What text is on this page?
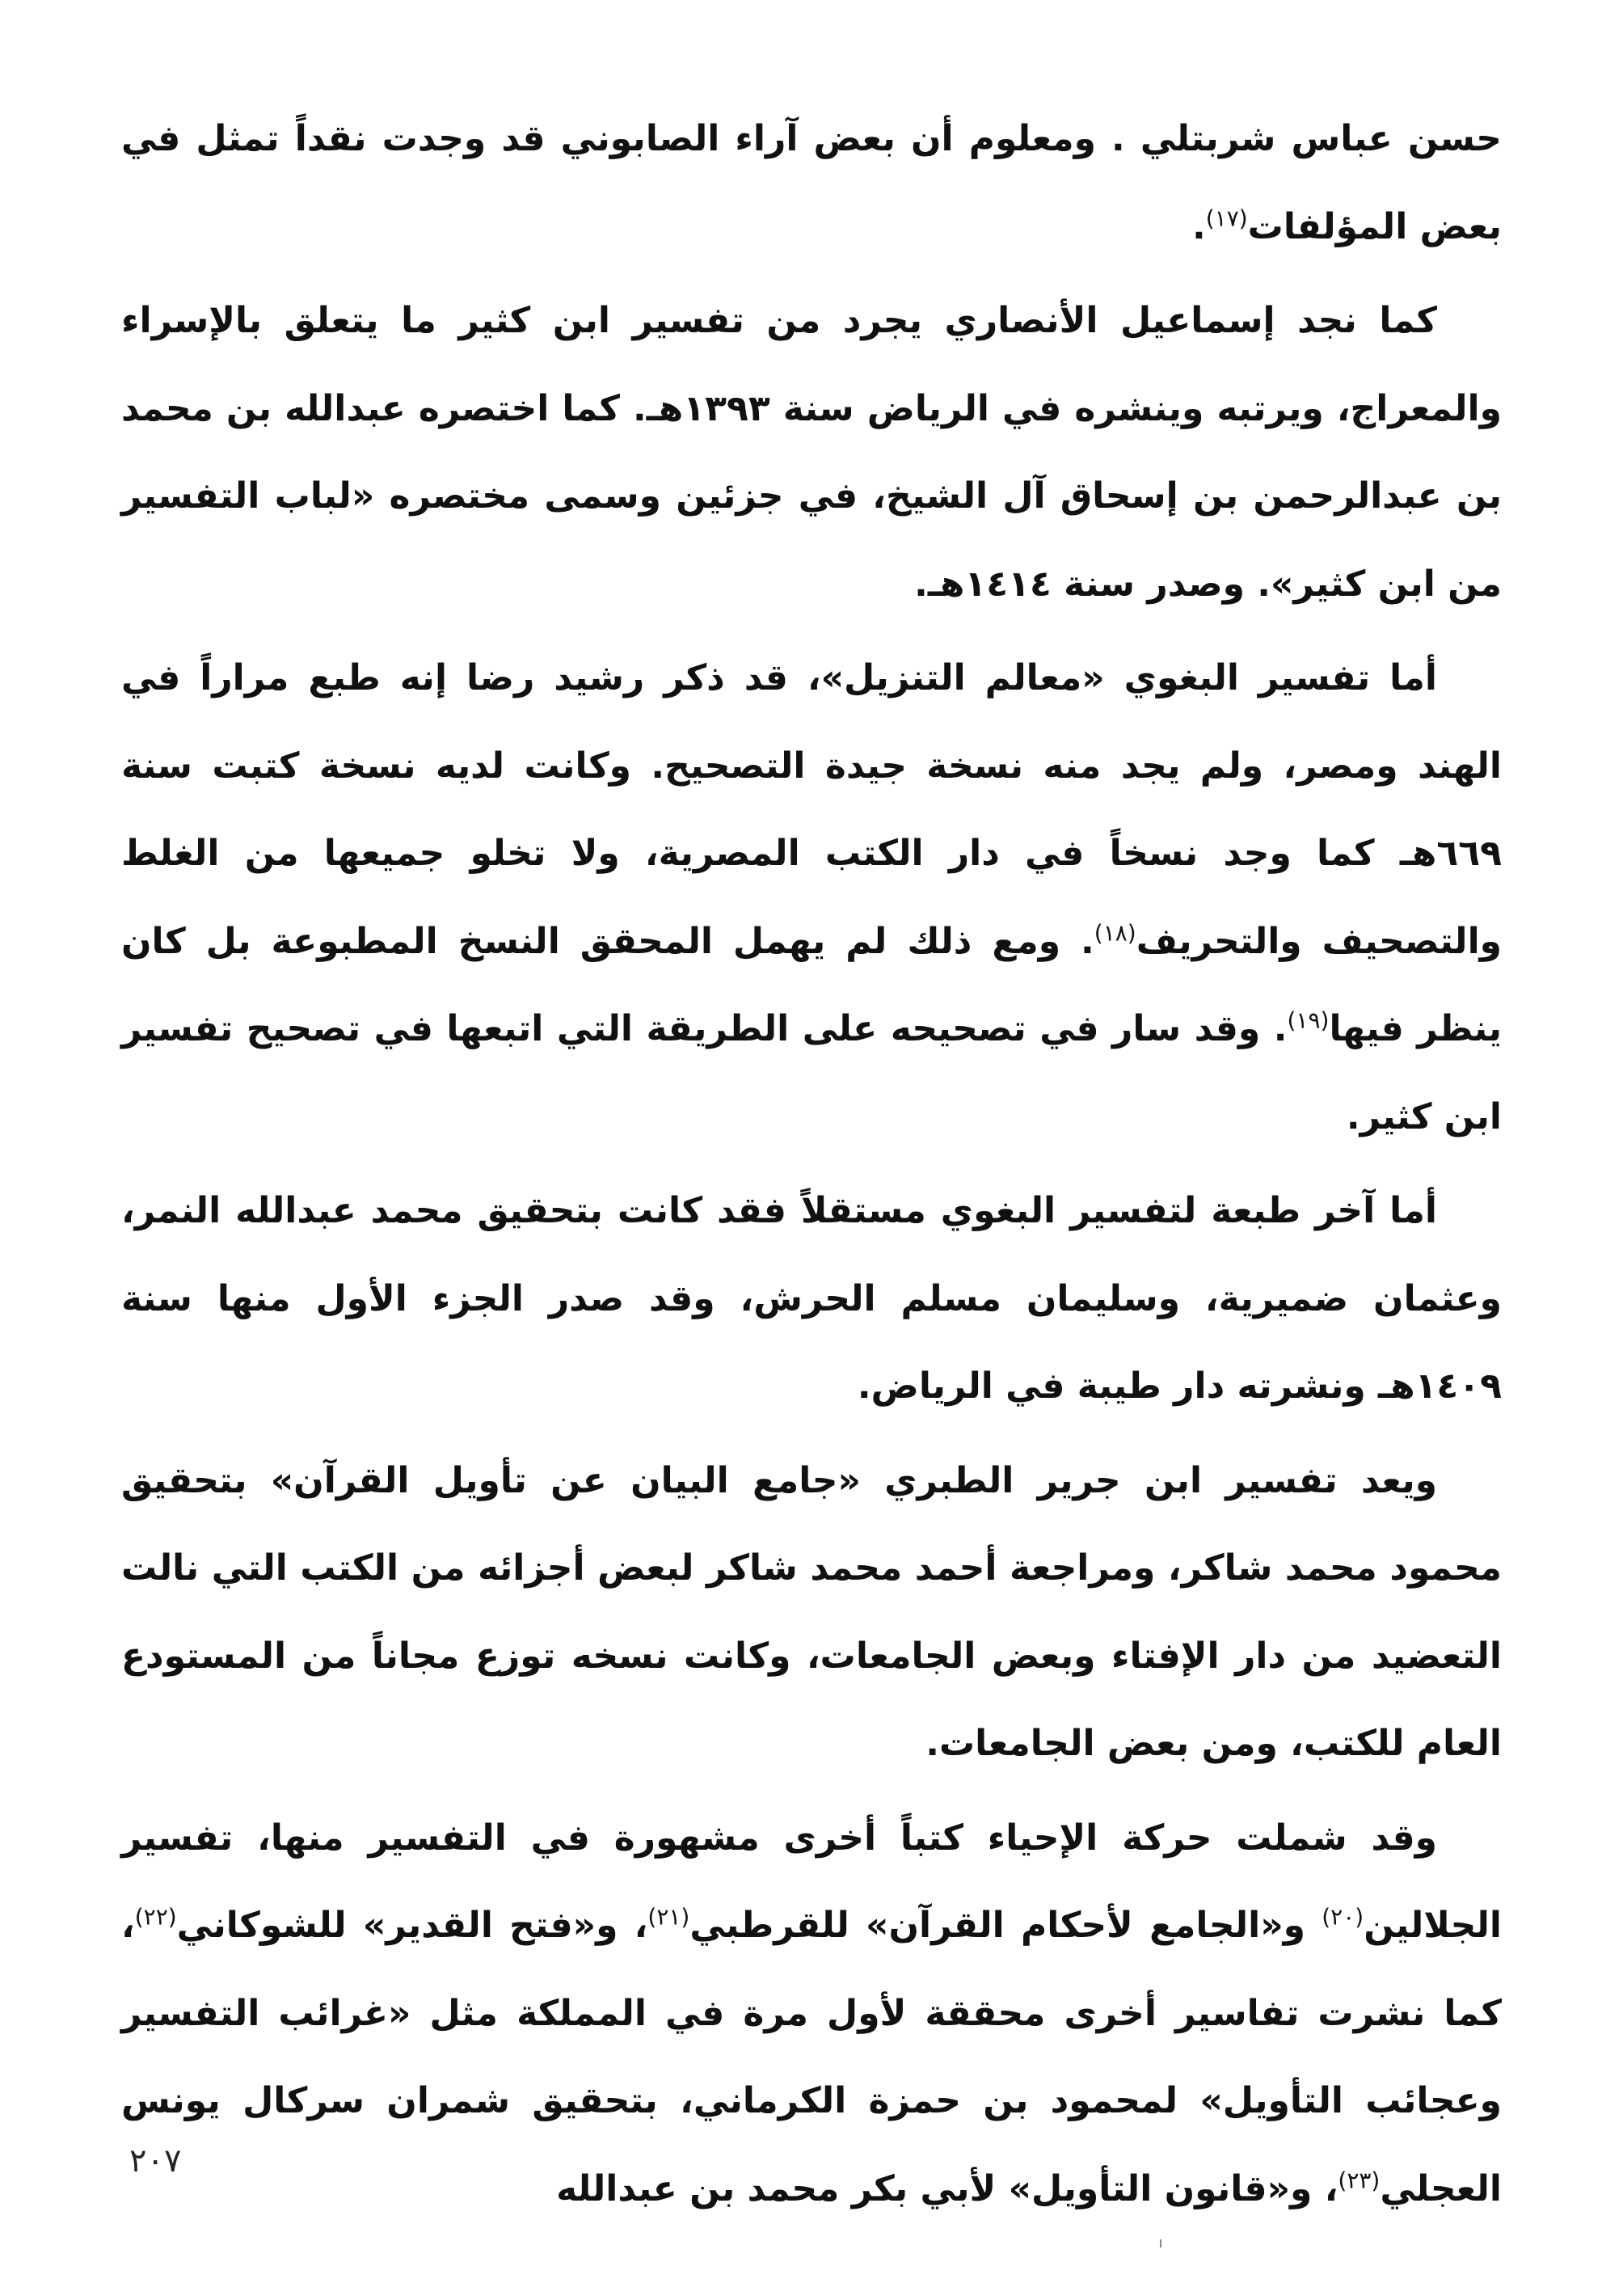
حسن عباس شربتلي . ومعلوم أن بعض آراء الصابوني قد وجدت نقداً تمثل في بعض المؤلفات$^{(١٧)}$.

كما نجد إسماعيل الأنصاري يجرد من تفسير ابن كثير ما يتعلق بالإسراء والمعراج، ويرتبه وينشره في الرياض سنة ١٣٩٣هـ. كما اختصره عبدالله بن محمد بن عبدالرحمن بن إسحاق آل الشيخ، في جزئين وسمى مختصره «لباب التفسير من ابن كثير». وصدر سنة ١٤١٤هـ.

أما تفسير البغوي «معالم التنزيل»، قد ذكر رشيد رضا إنه طبع مراراً في الهند ومصر، ولم يجد منه نسخة جيدة التصحيح. وكانت لديه نسخة كتبت سنة ٦٦٩هـ كما وجد نسخاً في دار الكتب المصرية، ولا تخلو جميعها من الغلط والتصحيف والتحريف$^{(١٨)}$. ومع ذلك لم يهمل المحقق النسخ المطبوعة بل كان ينظر فيها$^{(١٩)}$. وقد سار في تصحيحه على الطريقة التي اتبعها في تصحيح تفسير ابن كثير.

أما آخر طبعة لتفسير البغوي مستقلاً فقد كانت بتحقيق محمد عبدالله النمر، وعثمان ضميرية، وسليمان مسلم الحرش، وقد صدر الجزء الأول منها سنة ١٤٠٩هـ ونشرته دار طيبة في الرياض.

ويعد تفسير ابن جرير الطبري «جامع البيان عن تأويل القرآن» بتحقيق محمود محمد شاكر، ومراجعة أحمد محمد شاكر لبعض أجزائه من الكتب التي نالت التعضيد من دار الإفتاء وبعض الجامعات، وكانت نسخه توزع مجاناً من المستودع العام للكتب، ومن بعض الجامعات.

وقد شملت حركة الإحياء كتباً أخرى مشهورة في التفسير منها، تفسير الجلالين$^{(٢٠)}$ و«الجامع لأحكام القرآن» للقرطبي$^{(٢١)}$، و«فتح القدير» للشوكاني$^{(٢٢)}$، كما نشرت تفاسير أخرى محققة لأول مرة في المملكة مثل «غرائب التفسير وعجائب التأويل» لمحمود بن حمزة الكرماني، بتحقيق شمران سركال يونس العجلي$^{(٢٣)}$، و«قانون التأويل» لأبي بكر محمد بن عبدالله

٢٠٧
